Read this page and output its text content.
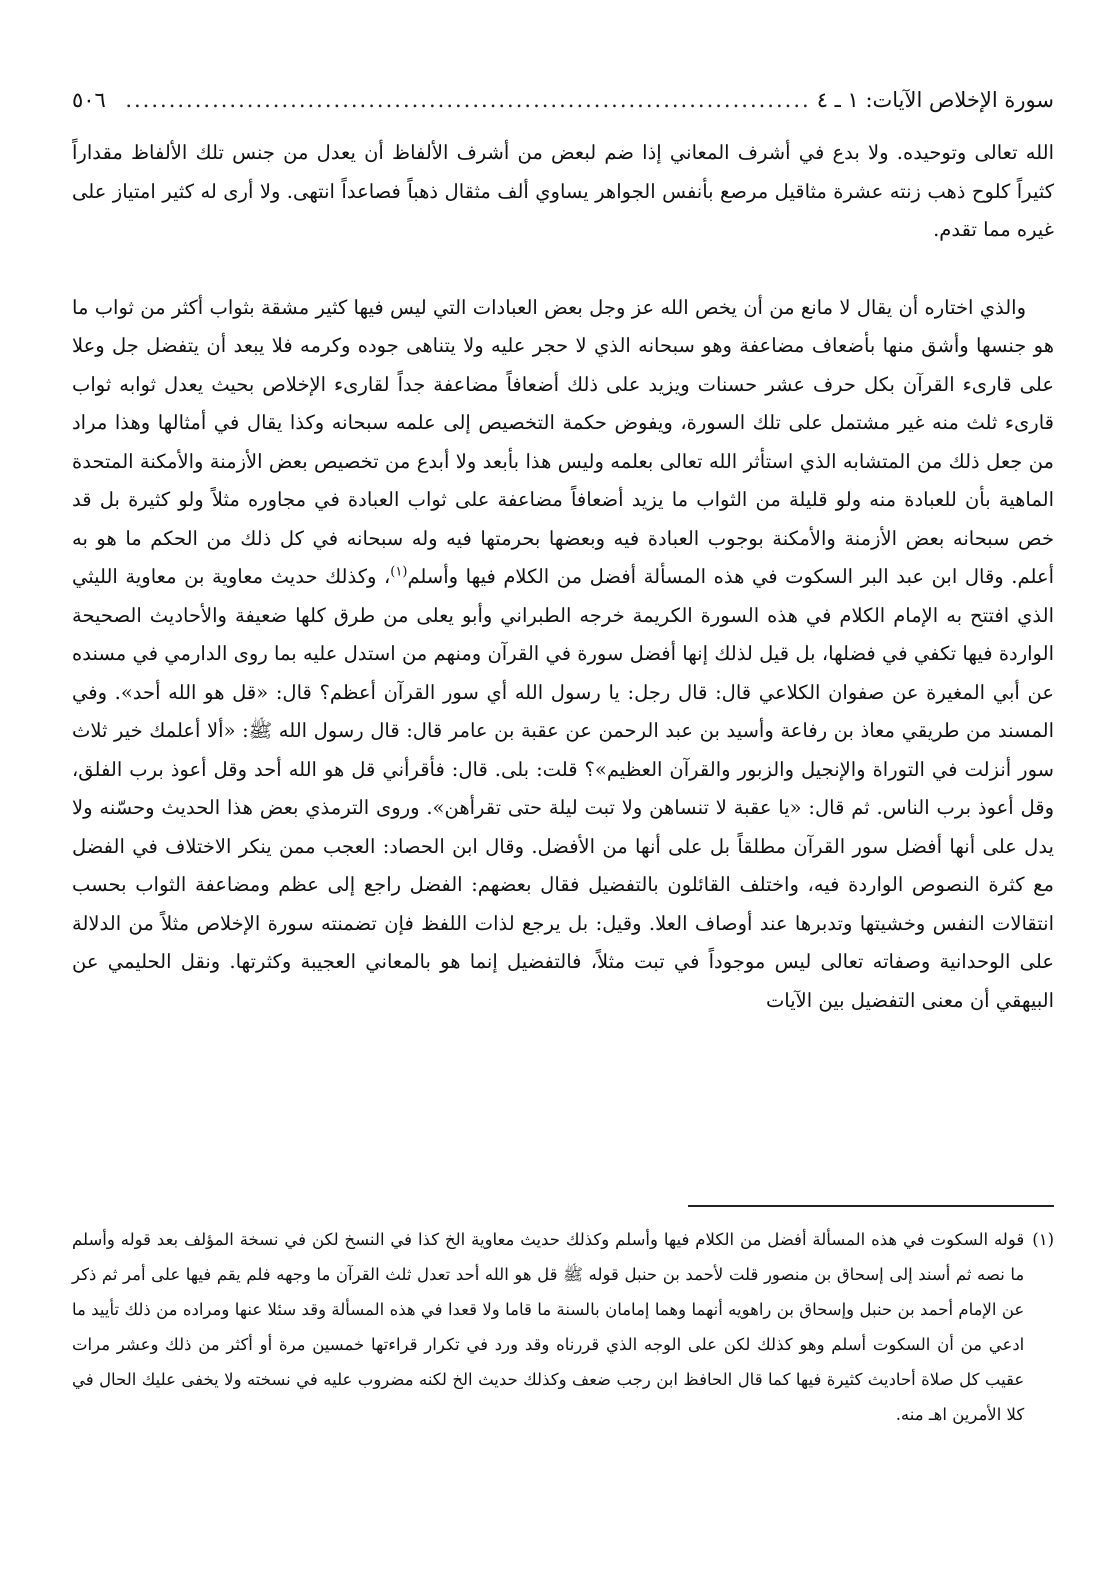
سورة الإخلاص الآيات: ١ ـ ٤
...............................................................................
٥٠٦

الله تعالى وتوحيده. ولا بدع في أشرف المعاني إذا ضم لبعض من أشرف الألفاظ أن يعدل من جنس تلك الألفاظ مقداراً كثيراً كلوح ذهب زنته عشرة مثاقيل مرصع بأنفس الجواهر يساوي ألف مثقال ذهباً فصاعداً انتهى. ولا أرى له كثير امتياز على غيره مما تقدم.

والذي اختاره أن يقال لا مانع من أن يخص الله عز وجل بعض العبادات التي ليس فيها كثير مشقة بثواب أكثر من ثواب ما هو جنسها وأشق منها بأضعاف مضاعفة وهو سبحانه الذي لا حجر عليه ولا يتناهى جوده وكرمه فلا يبعد أن يتفضل جل وعلا على قارىء القرآن بكل حرف عشر حسنات ويزيد على ذلك أضعافاً مضاعفة جداً لقارىء الإخلاص بحيث يعدل ثوابه ثواب قارىء ثلث منه غير مشتمل على تلك السورة، ويفوض حكمة التخصيص إلى علمه سبحانه وكذا يقال في أمثالها وهذا مراد من جعل ذلك من المتشابه الذي استأثر الله تعالى بعلمه وليس هذا بأبعد ولا أبدع من تخصيص بعض الأزمنة والأمكنة المتحدة الماهية بأن للعبادة منه ولو قليلة من الثواب ما يزيد أضعافاً مضاعفة على ثواب العبادة في مجاوره مثلاً ولو كثيرة بل قد خص سبحانه بعض الأزمنة والأمكنة بوجوب العبادة فيه وبعضها بحرمتها فيه وله سبحانه في كل ذلك من الحكم ما هو به أعلم. وقال ابن عبد البر السكوت في هذه المسألة أفضل من الكلام فيها وأسلم$^{(١)}$، وكذلك حديث معاوية بن معاوية الليثي الذي افتتح به الإمام الكلام في هذه السورة الكريمة خرجه الطبراني وأبو يعلى من طرق كلها ضعيفة والأحاديث الصحيحة الواردة فيها تكفي في فضلها، بل قيل لذلك إنها أفضل سورة في القرآن ومنهم من استدل عليه بما روى الدارمي في مسنده عن أبي المغيرة عن صفوان الكلاعي قال: قال رجل: يا رسول الله أي سور القرآن أعظم؟ قال: «قل هو الله أحد». وفي المسند من طريقي معاذ بن رفاعة وأسيد بن عبد الرحمن عن عقبة بن عامر قال: قال رسول الله ﷺ: «ألا أعلمك خير ثلاث سور أنزلت في التوراة والإنجيل والزبور والقرآن العظيم»؟ قلت: بلى. قال: فأقرأني قل هو الله أحد وقل أعوذ برب الفلق، وقل أعوذ برب الناس. ثم قال: «يا عقبة لا تنساهن ولا تبت ليلة حتى تقرأهن». وروى الترمذي بعض هذا الحديث وحسّنه ولا يدل على أنها أفضل سور القرآن مطلقاً بل على أنها من الأفضل. وقال ابن الحصاد: العجب ممن ينكر الاختلاف في الفضل مع كثرة النصوص الواردة فيه، واختلف القائلون بالتفضيل فقال بعضهم: الفضل راجع إلى عظم ومضاعفة الثواب بحسب انتقالات النفس وخشيتها وتدبرها عند أوصاف العلا. وقيل: بل يرجع لذات اللفظ فإن تضمنته سورة الإخلاص مثلاً من الدلالة على الوحدانية وصفاته تعالى ليس موجوداً في تبت مثلاً، فالتفضيل إنما هو بالمعاني العجيبة وكثرتها. ونقل الحليمي عن البيهقي أن معنى التفضيل بين الآيات

(١)
قوله السكوت في هذه المسألة أفضل من الكلام فيها وأسلم وكذلك حديث معاوية الخ كذا في النسخ لكن في نسخة المؤلف بعد قوله وأسلم ما نصه ثم أسند إلى إسحاق بن منصور قلت لأحمد بن حنبل قوله ﷺ قل هو الله أحد تعدل ثلث القرآن ما وجهه فلم يقم فيها على أمر ثم ذكر عن الإمام أحمد بن حنبل وإسحاق بن راهويه أنهما وهما إمامان بالسنة ما قاما ولا قعدا في هذه المسألة وقد سئلا عنها ومراده من ذلك تأييد ما ادعي من أن السكوت أسلم وهو كذلك لكن على الوجه الذي قررناه وقد ورد في تكرار قراءتها خمسين مرة أو أكثر من ذلك وعشر مرات عقيب كل صلاة أحاديث كثيرة فيها كما قال الحافظ ابن رجب ضعف وكذلك حديث الخ لكنه مضروب عليه في نسخته ولا يخفى عليك الحال في كلا الأمرين اهـ منه.
